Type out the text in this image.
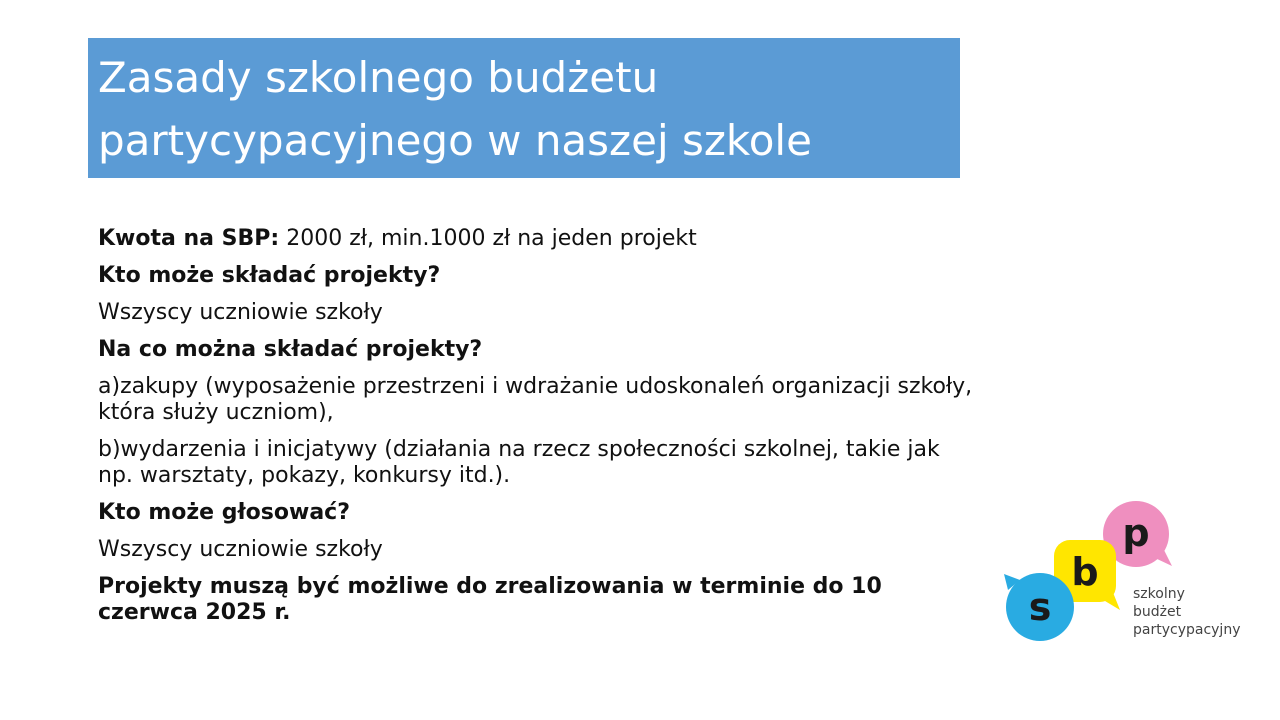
Zasady szkolnego budżetu
partycypacyjnego w naszej szkole

Kwota na SBP: 2000 zł, min.1000 zł na jeden projekt

Kto może składać projekty?

Wszyscy uczniowie szkoły

Na co można składać projekty?

a)zakupy (wyposażenie przestrzeni i wdrażanie udoskonaleń organizacji szkoły, która służy uczniom),

b)wydarzenia i inicjatywy (działania na rzecz społeczności szkolnej, takie jak np. warsztaty, pokazy, konkursy itd.).

Kto może głosować?

Wszyscy uczniowie szkoły

Projekty muszą być możliwe do zrealizowania w terminie do 10 czerwca 2025 r.

p
b
s	szkolny
budżet
partycypacyjny
